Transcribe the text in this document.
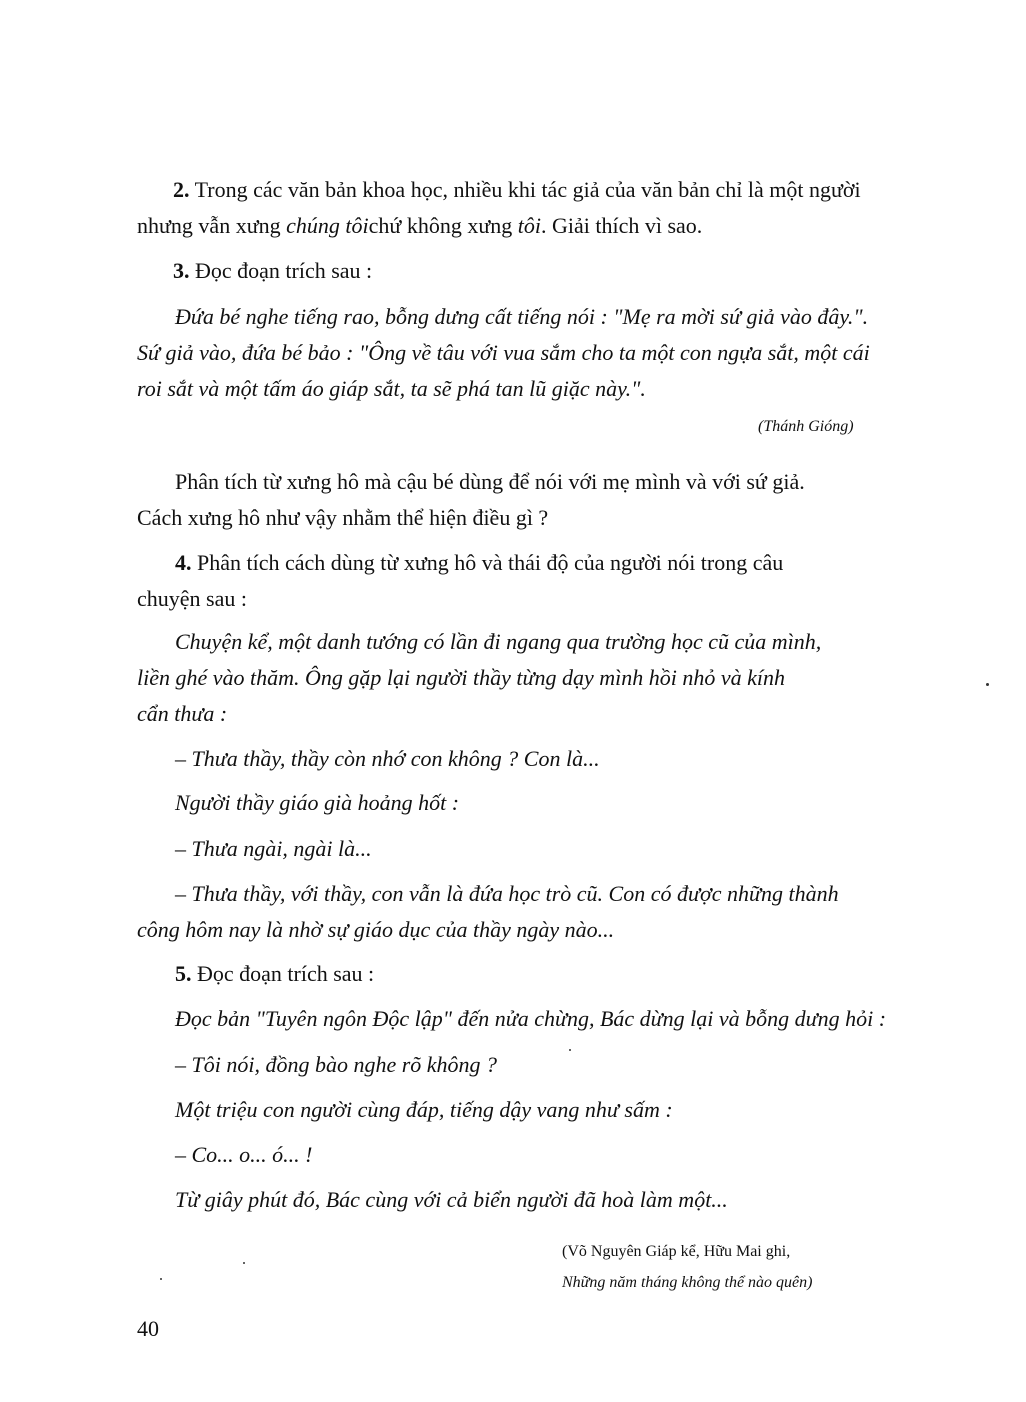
2. Trong các văn bản khoa học, nhiều khi tác giả của văn bản chỉ là một người
nhưng vẫn xưng chúng tôichứ không xưng tôi. Giải thích vì sao.
3. Đọc đoạn trích sau :
Đứa bé nghe tiếng rao, bỗng dưng cất tiếng nói : "Mẹ ra mời sứ giả vào đây.".
Sứ giả vào, đứa bé bảo : "Ông về tâu với vua sắm cho ta một con ngựa sắt, một cái
roi sắt và một tấm áo giáp sắt, ta sẽ phá tan lũ giặc này.".
(Thánh Gióng)
Phân tích từ xưng hô mà cậu bé dùng để nói với mẹ mình và với sứ giả.
Cách xưng hô như vậy nhằm thể hiện điều gì ?
4. Phân tích cách dùng từ xưng hô và thái độ của người nói trong câu
chuyện sau :
Chuyện kể, một danh tướng có lần đi ngang qua trường học cũ của mình,
liền ghé vào thăm. Ông gặp lại người thầy từng dạy mình hồi nhỏ và kính
cẩn thưa :
– Thưa thầy, thầy còn nhớ con không ? Con là...
Người thầy giáo già hoảng hốt :
– Thưa ngài, ngài là...
– Thưa thầy, với thầy, con vẫn là đứa học trò cũ. Con có được những thành
công hôm nay là nhờ sự giáo dục của thầy ngày nào...
5. Đọc đoạn trích sau :
Đọc bản "Tuyên ngôn Độc lập" đến nửa chừng, Bác dừng lại và bỗng dưng hỏi :
– Tôi nói, đồng bào nghe rõ không ?
Một triệu con người cùng đáp, tiếng dậy vang như sấm :
– Co... o... ó... !
Từ giây phút đó, Bác cùng với cả biển người đã hoà làm một...
(Võ Nguyên Giáp kể, Hữu Mai ghi,
Những năm tháng không thể nào quên)
40
